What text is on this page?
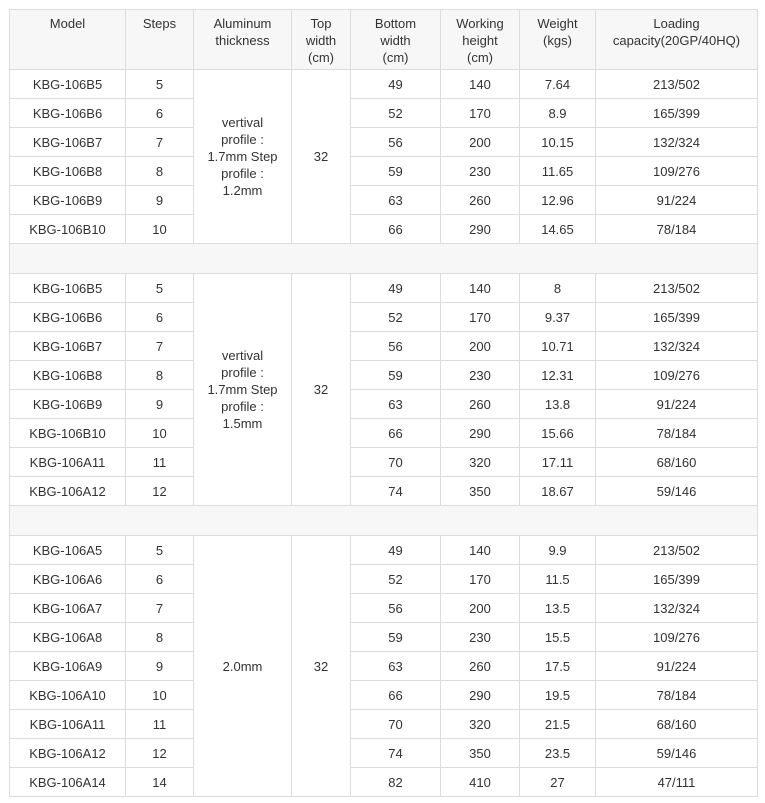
Model	Steps	Aluminum
thickness	Top
width
(cm)	Bottom
width
(cm)	Working
height
(cm)	Weight
(kgs)	Loading
capacity(20GP/40HQ)
KBG-106B5	5	vertival
profile :
1.7mm Step
profile :
1.2mm	32	49	140	7.64	213/502
KBG-106B6	6			52	170	8.9	165/399
KBG-106B7	7			56	200	10.15	132/324
KBG-106B8	8			59	230	11.65	109/276
KBG-106B9	9			63	260	12.96	91/224
KBG-106B10	10			66	290	14.65	78/184

KBG-106B5	5	vertival
profile :
1.7mm Step
profile :
1.5mm	32	49	140	8	213/502
KBG-106B6	6			52	170	9.37	165/399
KBG-106B7	7			56	200	10.71	132/324
KBG-106B8	8			59	230	12.31	109/276
KBG-106B9	9			63	260	13.8	91/224
KBG-106B10	10			66	290	15.66	78/184
KBG-106A11	11			70	320	17.11	68/160
KBG-106A12	12			74	350	18.67	59/146

KBG-106A5	5	2.0mm	32	49	140	9.9	213/502
KBG-106A6	6			52	170	11.5	165/399
KBG-106A7	7			56	200	13.5	132/324
KBG-106A8	8			59	230	15.5	109/276
KBG-106A9	9			63	260	17.5	91/224
KBG-106A10	10			66	290	19.5	78/184
KBG-106A11	11			70	320	21.5	68/160
KBG-106A12	12			74	350	23.5	59/146
KBG-106A14	14			82	410	27	47/111
